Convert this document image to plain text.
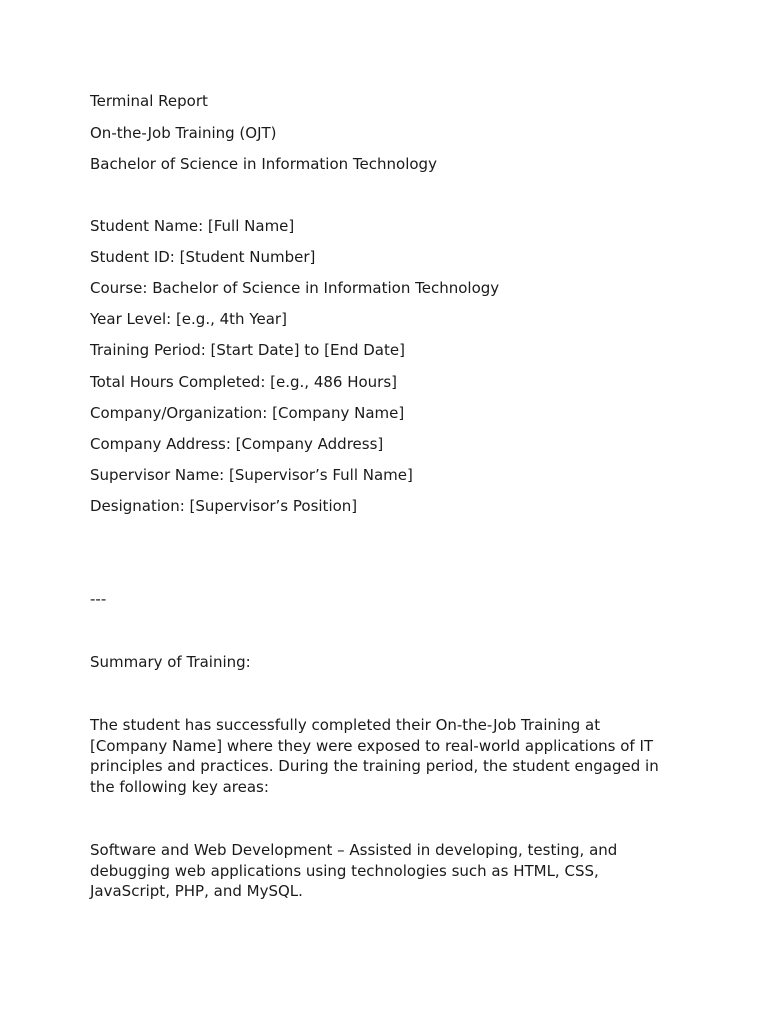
Terminal Report
On-the-Job Training (OJT)
Bachelor of Science in Information Technology
Student Name: [Full Name]
Student ID: [Student Number]
Course: Bachelor of Science in Information Technology
Year Level: [e.g., 4th Year]
Training Period: [Start Date] to [End Date]
Total Hours Completed: [e.g., 486 Hours]
Company/Organization: [Company Name]
Company Address: [Company Address]
Supervisor Name: [Supervisor’s Full Name]
Designation: [Supervisor’s Position]
---
Summary of Training:
The student has successfully completed their On-the-Job Training at [Company Name] where they were exposed to real-world applications of IT principles and practices. During the training period, the student engaged in the following key areas:
Software and Web Development – Assisted in developing, testing, and debugging web applications using technologies such as HTML, CSS, JavaScript, PHP, and MySQL.
